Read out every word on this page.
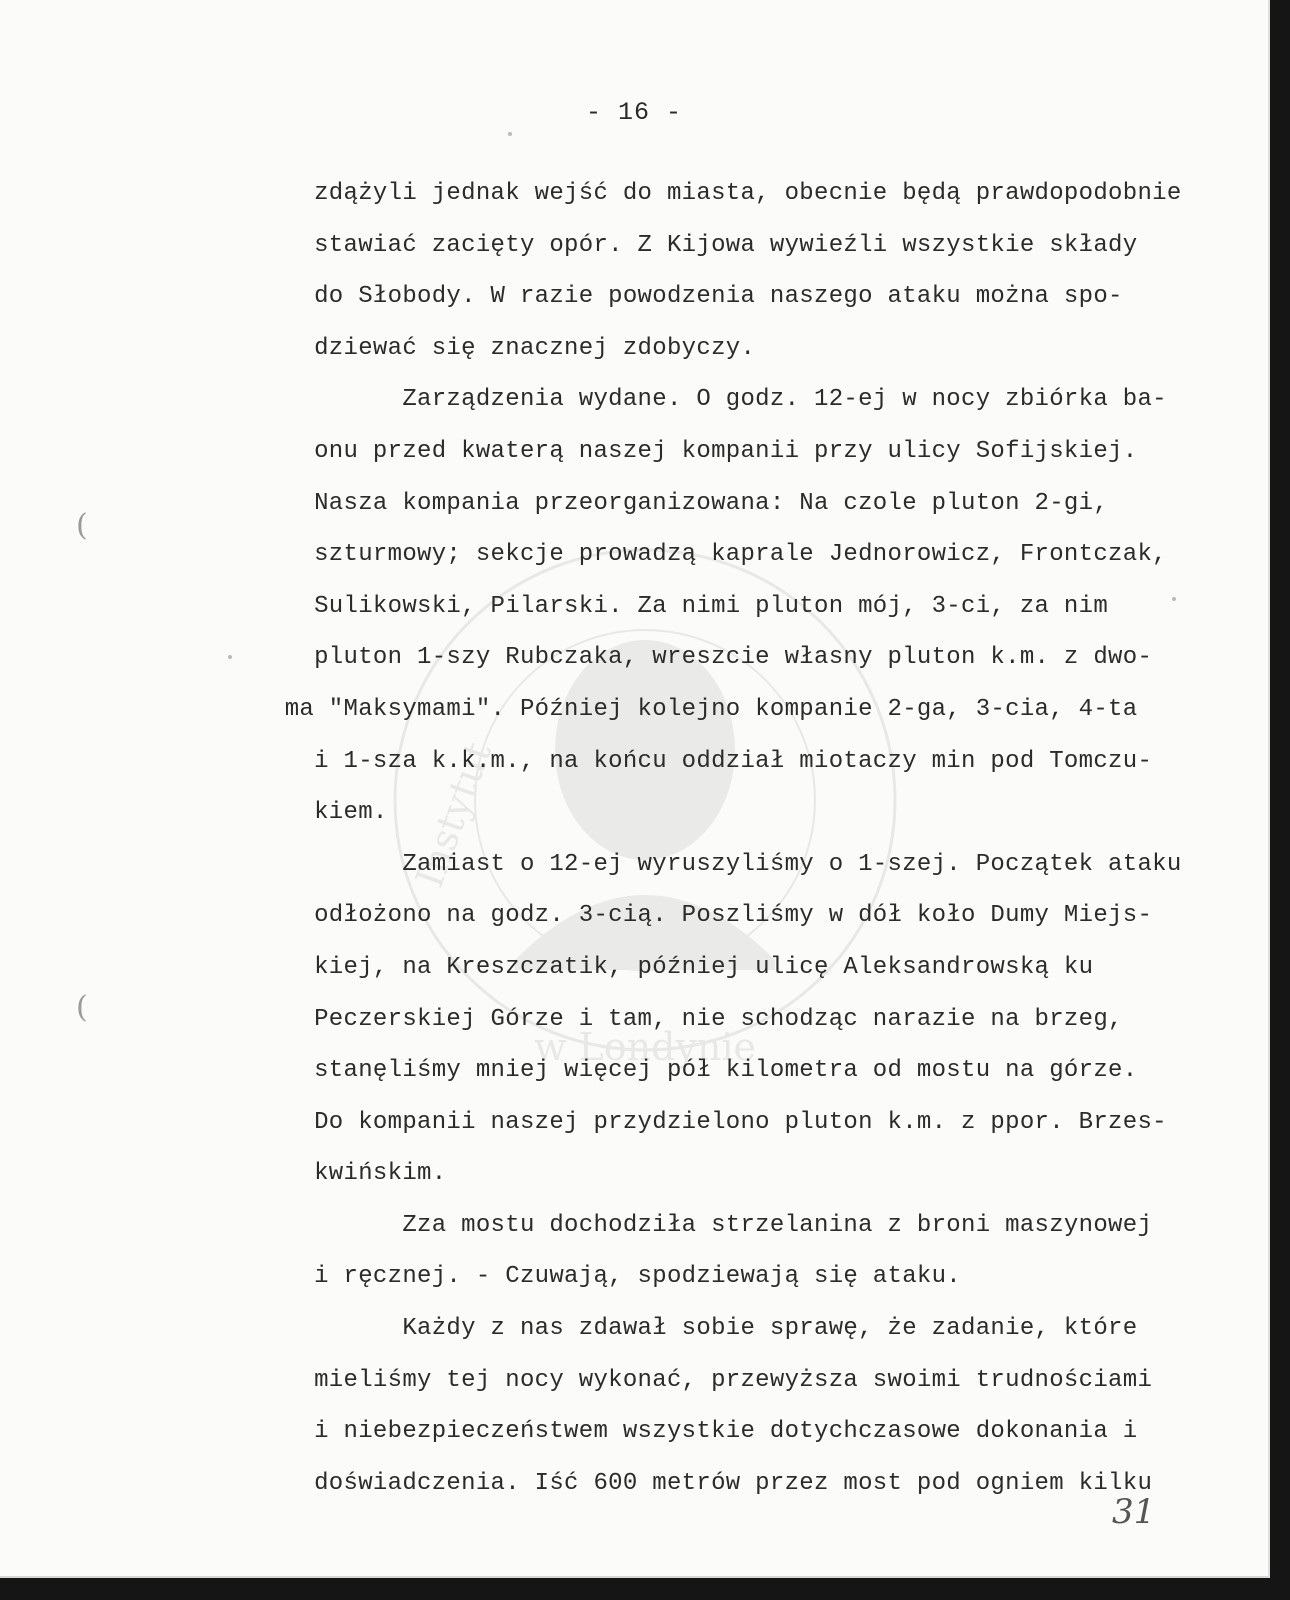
Instytut
w Londynie
- 16 -
zdążyli jednak wejść do miasta, obecnie będą prawdopodobnie
stawiać zacięty opór. Z Kijowa wywieźli wszystkie składy
do Słobody. W razie powodzenia naszego ataku można spo-
dziewać się znacznej zdobyczy.
Zarządzenia wydane. O godz. 12-ej w nocy zbiórka ba-
onu przed kwaterą naszej kompanii przy ulicy Sofijskiej.
Nasza kompania przeorganizowana: Na czole pluton 2-gi,
szturmowy; sekcje prowadzą kaprale Jednorowicz, Frontczak,
Sulikowski, Pilarski. Za nimi pluton mój, 3-ci, za nim
pluton 1-szy Rubczaka, wreszcie własny pluton k.m. z dwo-
ma "Maksymami". Później kolejno kompanie 2-ga, 3-cia, 4-ta
i 1-sza k.k.m., na końcu oddział miotaczy min pod Tomczu-
kiem.
Zamiast o 12-ej wyruszyliśmy o 1-szej. Początek ataku
odłożono na godz. 3-cią. Poszliśmy w dół koło Dumy Miejs-
kiej, na Kreszczatik, później ulicę Aleksandrowską ku
Peczerskiej Górze i tam, nie schodząc narazie na brzeg,
stanęliśmy mniej więcej pół kilometra od mostu na górze.
Do kompanii naszej przydzielono pluton k.m. z ppor. Brzes-
kwińskim.
Zza mostu dochodziła strzelanina z broni maszynowej
i ręcznej. - Czuwają, spodziewają się ataku.
Każdy z nas zdawał sobie sprawę, że zadanie, które
mieliśmy tej nocy wykonać, przewyższa swoimi trudnościami
i niebezpieczeństwem wszystkie dotychczasowe dokonania i
doświadczenia. Iść 600 metrów przez most pod ogniem kilku
(
(
31
